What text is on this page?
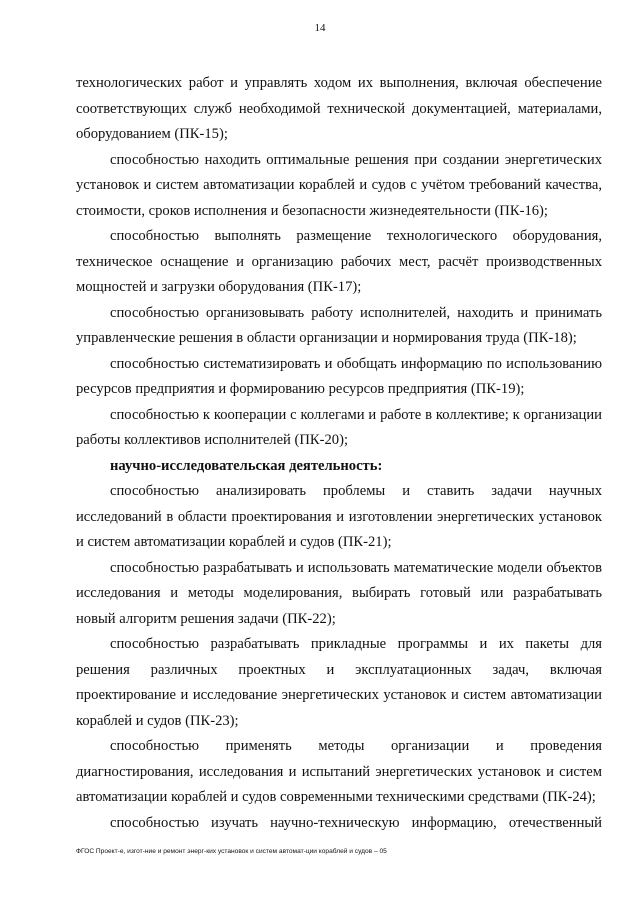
14

технологических работ и управлять ходом их выполнения, включая обеспечение соответствующих служб необходимой технической документацией, материалами, оборудованием (ПК-15);

способностью находить оптимальные решения при создании энергетических установок и систем автоматизации кораблей и судов с учётом требований качества, стоимости, сроков исполнения и безопасности жизнедеятельности (ПК-16);

способностью выполнять размещение технологического оборудования, техническое оснащение и организацию рабочих мест, расчёт производственных мощностей и загрузки оборудования (ПК-17);

способностью организовывать работу исполнителей, находить и принимать управленческие решения в области организации и нормирования труда (ПК-18);

способностью систематизировать и обобщать информацию по использованию ресурсов предприятия и формированию ресурсов предприятия (ПК-19);

способностью к кооперации с коллегами и работе в коллективе; к организации работы коллективов исполнителей (ПК-20);

научно-исследовательская деятельность:

способностью анализировать проблемы и ставить задачи научных исследований в области проектирования и изготовлении энергетических установок и систем автоматизации кораблей и судов (ПК-21);

способностью разрабатывать и использовать математические модели объектов исследования и методы моделирования, выбирать готовый или разрабатывать новый алгоритм решения задачи (ПК-22);

способностью разрабатывать прикладные программы и их пакеты для решения различных проектных и эксплуатационных задач, включая проектирование и исследование энергетических установок и систем автоматизации кораблей и судов (ПК-23);

способностью применять методы организации и проведения диагностирования, исследования и испытаний энергетических установок и систем автоматизации кораблей и судов современными техническими средствами (ПК-24);

способностью изучать научно-техническую информацию, отечественный

ФГОС Проект-е, изгот-ние и ремонт энерг-ких установок и систем автомат-ции кораблей и судов – 05
